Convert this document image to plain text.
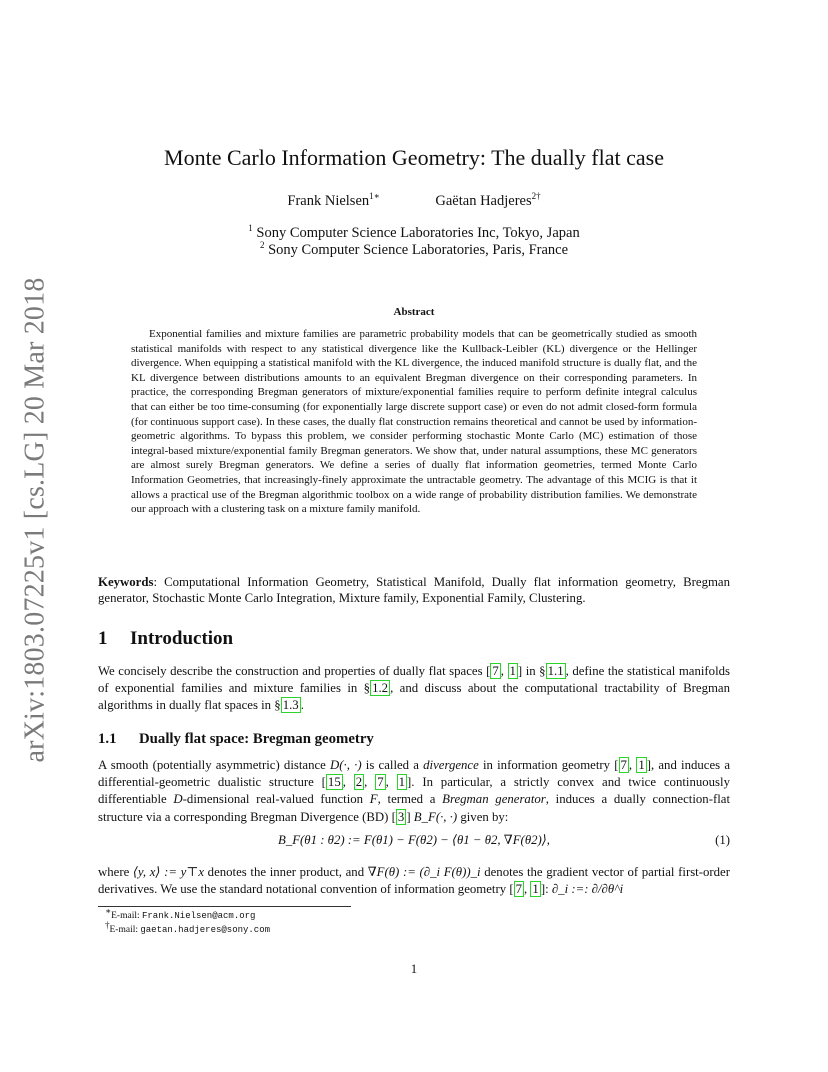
arXiv:1803.07225v1 [cs.LG] 20 Mar 2018
Monte Carlo Information Geometry: The dually flat case
Frank Nielsen$^{1∗}$	Gaëtan Hadjeres$^{2\dagger}$
$^1$ Sony Computer Science Laboratories Inc, Tokyo, Japan
$^2$ Sony Computer Science Laboratories, Paris, France
Abstract
Exponential families and mixture families are parametric probability models that can be geometrically studied as smooth statistical manifolds with respect to any statistical divergence like the Kullback-Leibler (KL) divergence or the Hellinger divergence. When equipping a statistical manifold with the KL divergence, the induced manifold structure is dually flat, and the KL divergence between distributions amounts to an equivalent Bregman divergence on their corresponding parameters. In practice, the corresponding Bregman generators of mixture/exponential families require to perform definite integral calculus that can either be too time-consuming (for exponentially large discrete support case) or even do not admit closed-form formula (for continuous support case). In these cases, the dually flat construction remains theoretical and cannot be used by information-geometric algorithms. To bypass this problem, we consider performing stochastic Monte Carlo (MC) estimation of those integral-based mixture/exponential family Bregman generators. We show that, under natural assumptions, these MC generators are almost surely Bregman generators. We define a series of dually flat information geometries, termed Monte Carlo Information Geometries, that increasingly-finely approximate the untractable geometry. The advantage of this MCIG is that it allows a practical use of the Bregman algorithmic toolbox on a wide range of probability distribution families. We demonstrate our approach with a clustering task on a mixture family manifold.
Keywords: Computational Information Geometry, Statistical Manifold, Dually flat information geometry, Bregman generator, Stochastic Monte Carlo Integration, Mixture family, Exponential Family, Clustering.
1 Introduction
We concisely describe the construction and properties of dually flat spaces [ 7 , 1 ] in § 1.1 , define the statistical manifolds of exponential families and mixture families in § 1.2 , and discuss about the computational tractability of Bregman algorithms in dually flat spaces in § 1.3 .
1.1 Dually flat space: Bregman geometry
A smooth (potentially asymmetric) distance D(·, ·) is called a divergence in information geometry [ 7 , 1 ], and induces a differential-geometric dualistic structure [ 15 , 2 , 7 , 1 ]. In particular, a strictly convex and twice continuously differentiable D-dimensional real-valued function F, termed a Bregman generator, induces a dually connection-flat structure via a corresponding Bregman Divergence (BD) [ 3 ] B_F(·, ·) given by:
B_F(θ1 : θ2) := F(θ1) − F(θ2) − ⟨θ1 − θ2, ∇F(θ2)⟩,	(1)
where ⟨y, x⟩ := y⊤x denotes the inner product, and ∇F(θ) := (∂_i F(θ))_i denotes the gradient vector of partial first-order derivatives. We use the standard notational convention of information geometry [ 7 , 1 ]: ∂_i :=: ∂/∂θ^i
∗E-mail: Frank.Nielsen@acm.org
†E-mail: gaetan.hadjeres@sony.com
1
